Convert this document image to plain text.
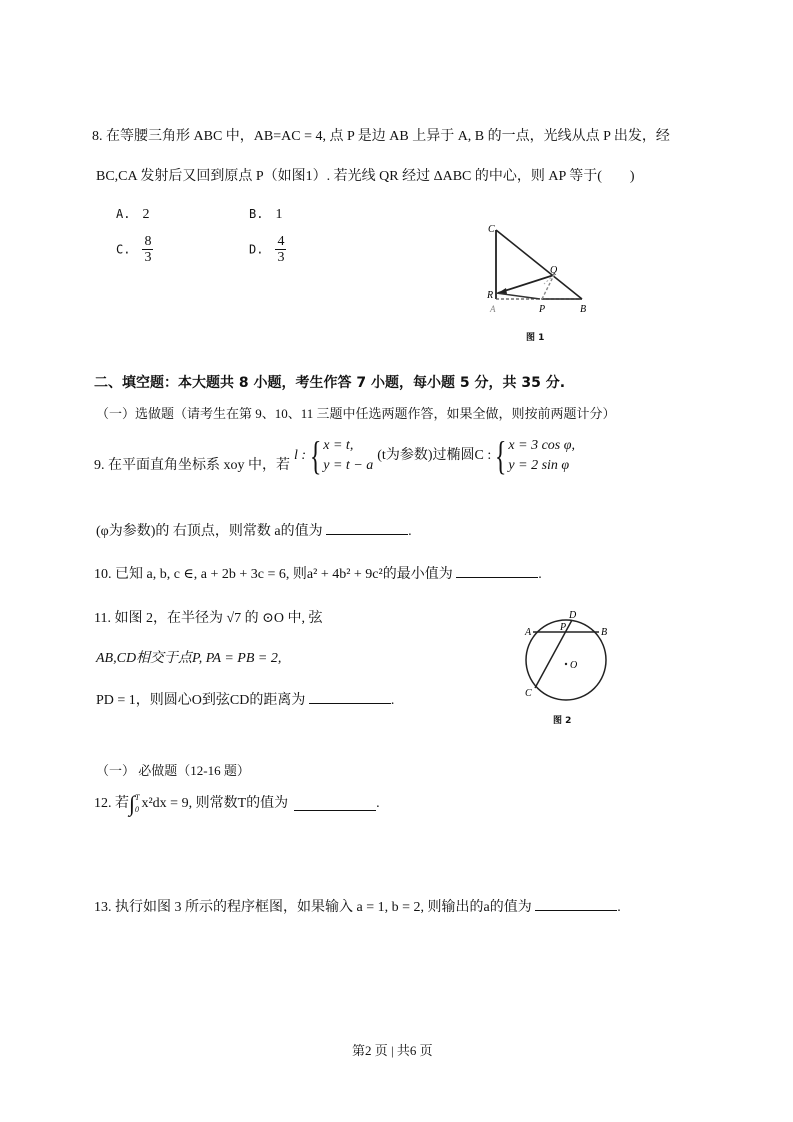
8. 在等腰三角形 ABC 中，AB=AC = 4, 点 P 是边 AB 上异于 A, B 的一点，光线从点 P 出发，经
BC,CA 发射后又回到原点 P（如图1）. 若光线 QR 经过 ΔABC 的中心，则 AP 等于(　　)
A. 2	B. 1
C. $\frac{8}{3}$	D. $\frac{4}{3}$
C
Q
R
A	P	B
图 1
二、填空题：本大题共 8 小题，考生作答 7 小题，每小题 5 分，共 35 分.
（一）选做题（请考生在第 9、10、11 三题中任选两题作答，如果全做，则按前两题计分）
9. 在平面直角坐标系 xoy 中，若
l : { x = t,
y = t − a
(t为参数)过椭圆C : { x = 3 cos φ,
y = 2 sin φ
(φ为参数)的 右顶点，则常数 a的值为	.
10. 已知 a, b, c ∈, a + 2b + 3c = 6, 则a² + 4b² + 9c²的最小值为	.
11. 如图 2，在半径为 √7 的 ⊙O 中, 弦
AB,CD相交于点P, PA = PB = 2,
PD = 1，则圆心O到弦CD的距离为	.
A	P
D
B
O
C
图 2
（一） 必做题（12-16 题）
12. 若 ∫ T
0 x²dx = 9, 则常数T的值为	.
13. 执行如图 3 所示的程序框图，如果输入 a = 1, b = 2, 则输出的a的值为	.
第2 页 | 共6 页
